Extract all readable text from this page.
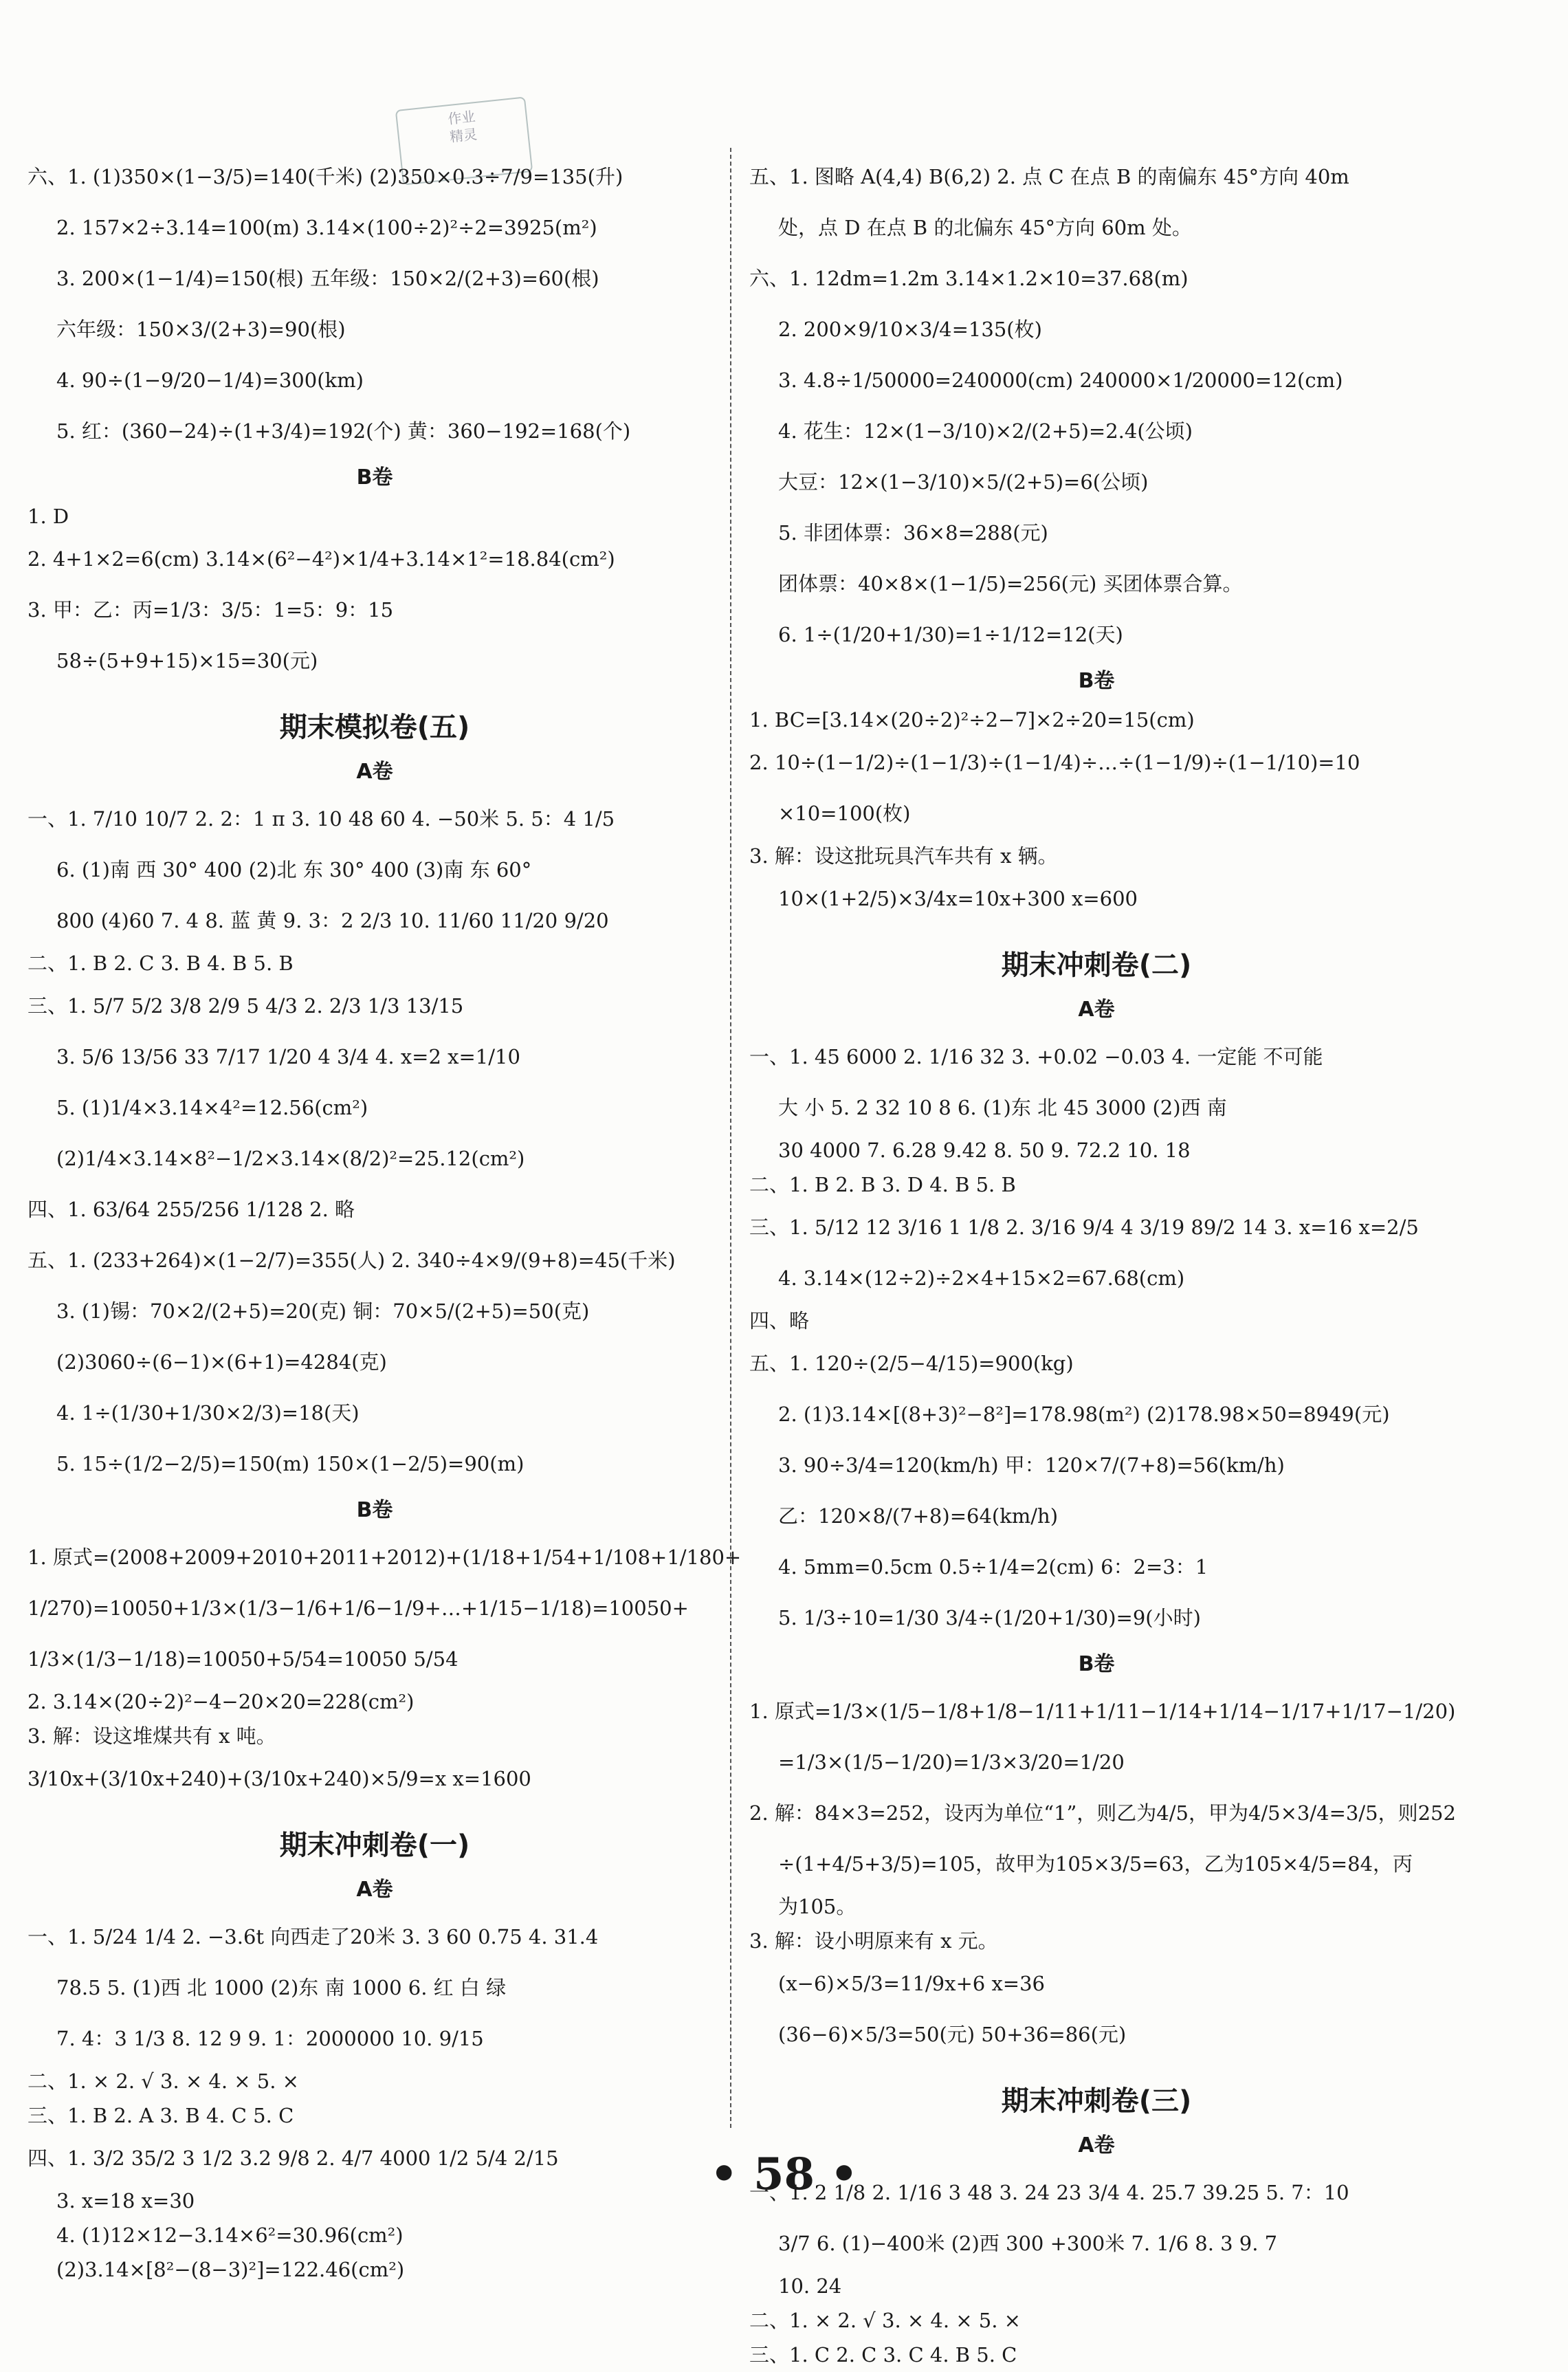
作业
精灵
六、1. (1)350×(1−3/5)=140(千米) (2)350×0.3÷7/9=135(升)
2. 157×2÷3.14=100(m) 3.14×(100÷2)²÷2=3925(m²)
3. 200×(1−1/4)=150(根) 五年级：150×2/(2+3)=60(根)
六年级：150×3/(2+3)=90(根)
4. 90÷(1−9/20−1/4)=300(km)
5. 红：(360−24)÷(1+3/4)=192(个) 黄：360−192=168(个)
B卷
1. D
2. 4+1×2=6(cm) 3.14×(6²−4²)×1/4+3.14×1²=18.84(cm²)
3. 甲：乙：丙=1/3：3/5：1=5：9：15
58÷(5+9+15)×15=30(元)
期末模拟卷(五)
A卷
一、1. 7/10 10/7 2. 2：1 π 3. 10 48 60 4. −50米 5. 5：4 1/5
6. (1)南 西 30° 400 (2)北 东 30° 400 (3)南 东 60°
800 (4)60 7. 4 8. 蓝 黄 9. 3：2 2/3 10. 11/60 11/20 9/20
二、1. B 2. C 3. B 4. B 5. B
三、1. 5/7 5/2 3/8 2/9 5 4/3 2. 2/3 1/3 13/15
3. 5/6 13/56 33 7/17 1/20 4 3/4 4. x=2 x=1/10
5. (1)1/4×3.14×4²=12.56(cm²)
(2)1/4×3.14×8²−1/2×3.14×(8/2)²=25.12(cm²)
四、1. 63/64 255/256 1/128 2. 略
五、1. (233+264)×(1−2/7)=355(人) 2. 340÷4×9/(9+8)=45(千米)
3. (1)锡：70×2/(2+5)=20(克) 铜：70×5/(2+5)=50(克)
(2)3060÷(6−1)×(6+1)=4284(克)
4. 1÷(1/30+1/30×2/3)=18(天)
5. 15÷(1/2−2/5)=150(m) 150×(1−2/5)=90(m)
B卷
1. 原式=(2008+2009+2010+2011+2012)+(1/18+1/54+1/108+1/180+
1/270)=10050+1/3×(1/3−1/6+1/6−1/9+…+1/15−1/18)=10050+
1/3×(1/3−1/18)=10050+5/54=10050 5/54
2. 3.14×(20÷2)²−4−20×20=228(cm²)
3. 解：设这堆煤共有 x 吨。
3/10x+(3/10x+240)+(3/10x+240)×5/9=x x=1600
期末冲刺卷(一)
A卷
一、1. 5/24 1/4 2. −3.6t 向西走了20米 3. 3 60 0.75 4. 31.4
78.5 5. (1)西 北 1000 (2)东 南 1000 6. 红 白 绿
7. 4：3 1/3 8. 12 9 9. 1：2000000 10. 9/15
二、1. × 2. √ 3. × 4. × 5. ×
三、1. B 2. A 3. B 4. C 5. C
四、1. 3/2 35/2 3 1/2 3.2 9/8 2. 4/7 4000 1/2 5/4 2/15
3. x=18 x=30
4. (1)12×12−3.14×6²=30.96(cm²)
(2)3.14×[8²−(8−3)²]=122.46(cm²)
五、1. 图略 A(4,4) B(6,2) 2. 点 C 在点 B 的南偏东 45°方向 40m
处，点 D 在点 B 的北偏东 45°方向 60m 处。
六、1. 12dm=1.2m 3.14×1.2×10=37.68(m)
2. 200×9/10×3/4=135(枚)
3. 4.8÷1/50000=240000(cm) 240000×1/20000=12(cm)
4. 花生：12×(1−3/10)×2/(2+5)=2.4(公顷)
大豆：12×(1−3/10)×5/(2+5)=6(公顷)
5. 非团体票：36×8=288(元)
团体票：40×8×(1−1/5)=256(元) 买团体票合算。
6. 1÷(1/20+1/30)=1÷1/12=12(天)
B卷
1. BC=[3.14×(20÷2)²÷2−7]×2÷20=15(cm)
2. 10÷(1−1/2)÷(1−1/3)÷(1−1/4)÷…÷(1−1/9)÷(1−1/10)=10
×10=100(枚)
3. 解：设这批玩具汽车共有 x 辆。
10×(1+2/5)×3/4x=10x+300 x=600
期末冲刺卷(二)
A卷
一、1. 45 6000 2. 1/16 32 3. +0.02 −0.03 4. 一定能 不可能
大 小 5. 2 32 10 8 6. (1)东 北 45 3000 (2)西 南
30 4000 7. 6.28 9.42 8. 50 9. 72.2 10. 18
二、1. B 2. B 3. D 4. B 5. B
三、1. 5/12 12 3/16 1 1/8 2. 3/16 9/4 4 3/19 89/2 14 3. x=16 x=2/5
4. 3.14×(12÷2)÷2×4+15×2=67.68(cm)
四、略
五、1. 120÷(2/5−4/15)=900(kg)
2. (1)3.14×[(8+3)²−8²]=178.98(m²) (2)178.98×50=8949(元)
3. 90÷3/4=120(km/h) 甲：120×7/(7+8)=56(km/h)
乙：120×8/(7+8)=64(km/h)
4. 5mm=0.5cm 0.5÷1/4=2(cm) 6：2=3：1
5. 1/3÷10=1/30 3/4÷(1/20+1/30)=9(小时)
B卷
1. 原式=1/3×(1/5−1/8+1/8−1/11+1/11−1/14+1/14−1/17+1/17−1/20)
=1/3×(1/5−1/20)=1/3×3/20=1/20
2. 解：84×3=252，设丙为单位“1”，则乙为4/5，甲为4/5×3/4=3/5，则252
÷(1+4/5+3/5)=105，故甲为105×3/5=63，乙为105×4/5=84，丙
为105。
3. 解：设小明原来有 x 元。
(x−6)×5/3=11/9x+6 x=36
(36−6)×5/3=50(元) 50+36=86(元)
期末冲刺卷(三)
A卷
一、1. 2 1/8 2. 1/16 3 48 3. 24 23 3/4 4. 25.7 39.25 5. 7：10
3/7 6. (1)−400米 (2)西 300 +300米 7. 1/6 8. 3 9. 7
10. 24
二、1. × 2. √ 3. × 4. × 5. ×
三、1. C 2. C 3. C 4. B 5. C
• 58 •
